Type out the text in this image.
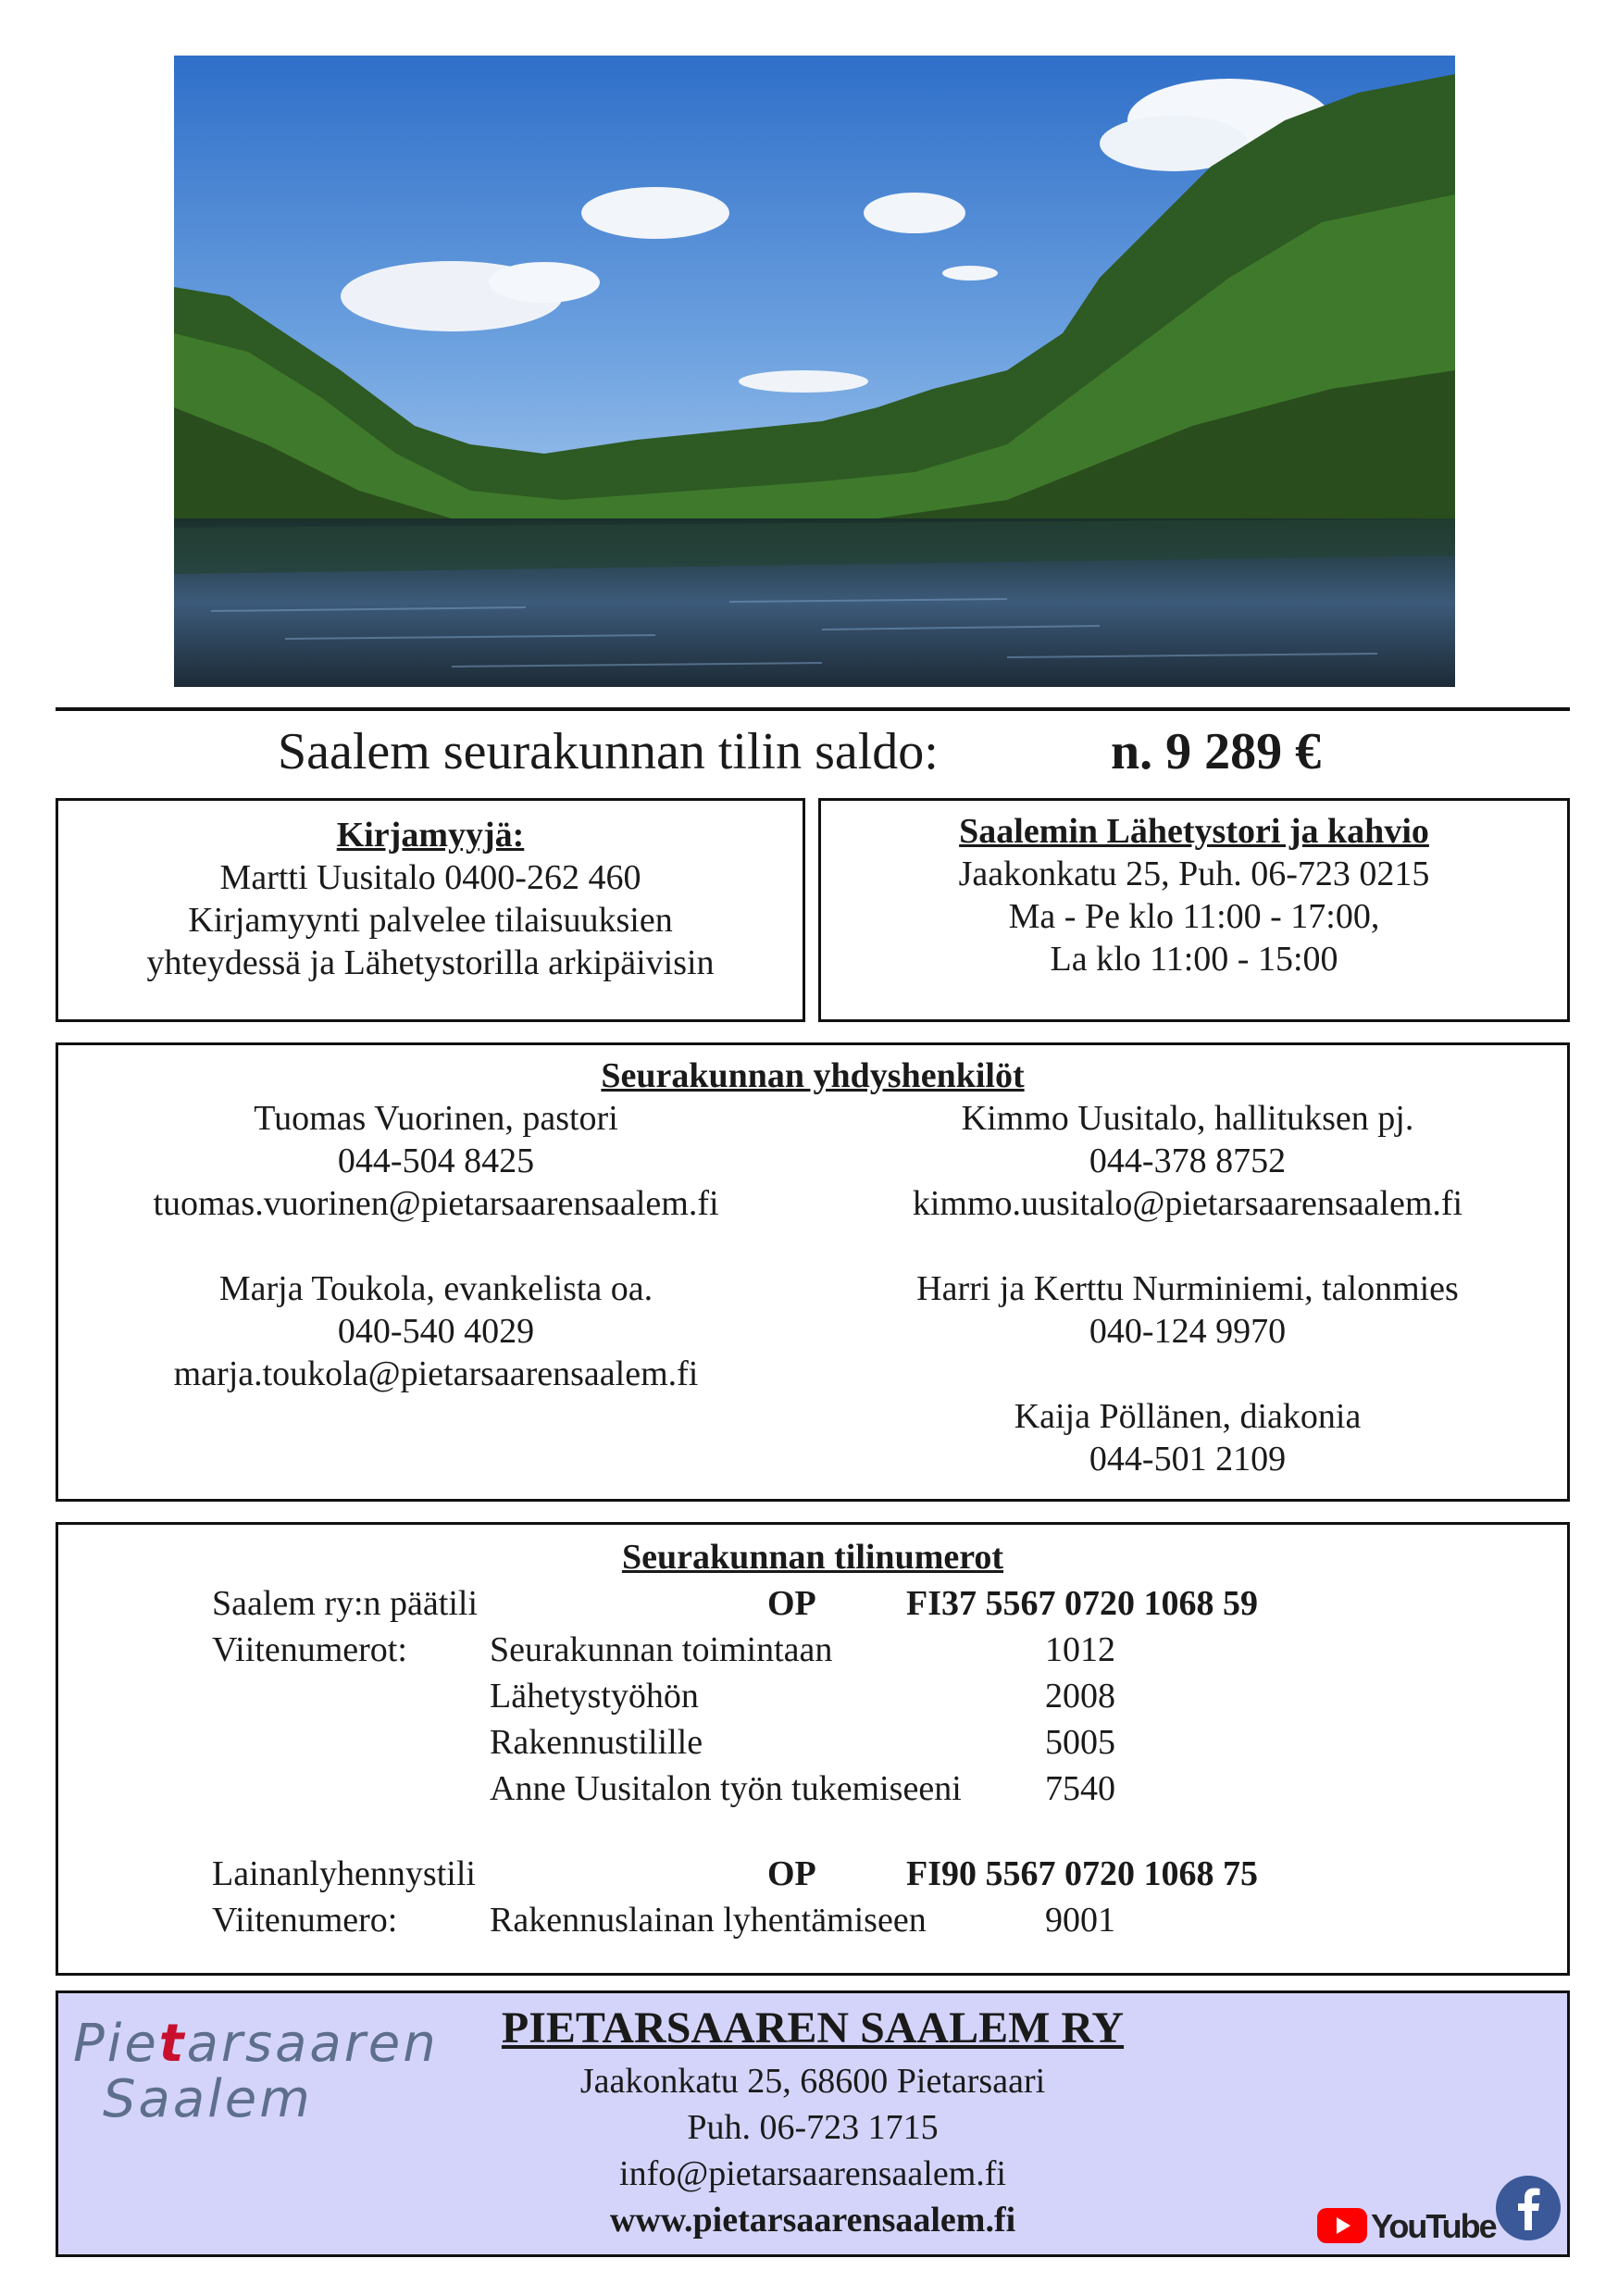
Saalem seurakunnan tilin saldo:	n. 9 289 €
Kirjamyyjä:
Martti Uusitalo 0400-262 460
Kirjamyynti palvelee tilaisuuksien
yhteydessä ja Lähetystorilla arkipäivisin
Saalemin Lähetystori ja kahvio
Jaakonkatu 25, Puh. 06-723 0215
Ma - Pe klo 11:00 - 17:00,
La klo 11:00 - 15:00
Seurakunnan yhdyshenkilöt
Tuomas Vuorinen, pastori
044-504 8425
tuomas.vuorinen@pietarsaarensaalem.fi
Marja Toukola, evankelista oa.
040-540 4029
marja.toukola@pietarsaarensaalem.fi
Kimmo Uusitalo, hallituksen pj.
044-378 8752
kimmo.uusitalo@pietarsaarensaalem.fi
Harri ja Kerttu Nurminiemi, talonmies
040-124 9970
Kaija Pöllänen, diakonia
044-501 2109
Seurakunnan tilinumerot
Saalem ry:n päätili	OP	FI37 5567 0720 1068 59
Viitenumerot: Seurakunnan toimintaan	1012
Lähetystyöhön	2008
Rakennustilille	5005
Anne Uusitalon työn tukemiseeni 7540
Lainanlyhennystili	OP	FI90 5567 0720 1068 75
Viitenumero:	Rakennuslainan lyhentämiseen	9001
Pietarsaaren
Saalem
PIETARSAAREN SAALEM RY
Jaakonkatu 25, 68600 Pietarsaari
Puh. 06-723 1715
info@pietarsaarensaalem.fi
www.pietarsaarensaalem.fi	YouTube
